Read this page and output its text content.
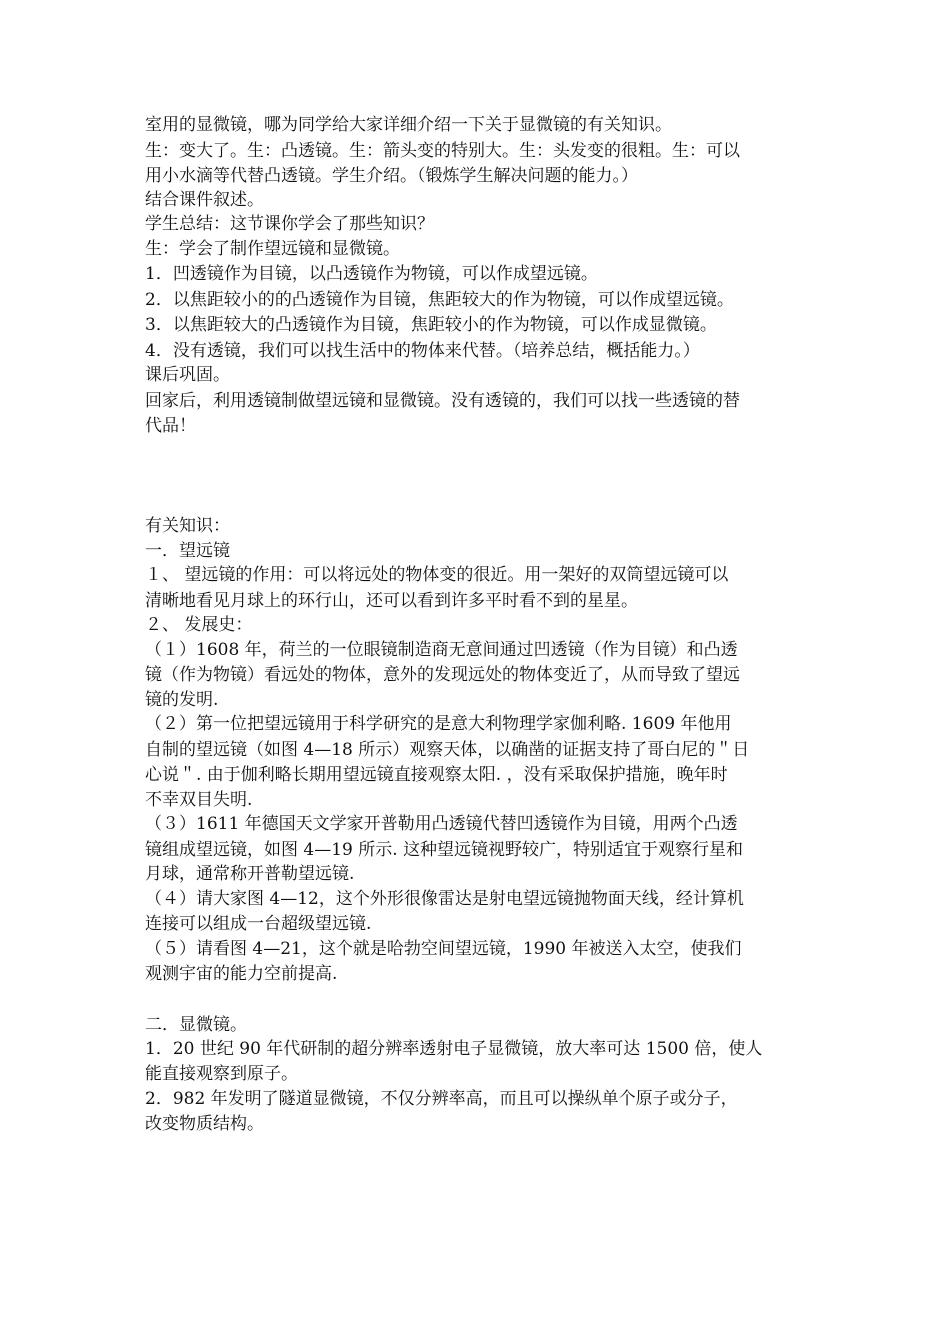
室用的显微镜，哪为同学给大家详细介绍一下关于显微镜的有关知识。

生：变大了。生：凸透镜。生：箭头变的特别大。生：头发变的很粗。生：可以

用小水滴等代替凸透镜。学生介绍。（锻炼学生解决问题的能力。）

结合课件叙述。

学生总结：这节课你学会了那些知识？

生：学会了制作望远镜和显微镜。

1．凹透镜作为目镜，以凸透镜作为物镜，可以作成望远镜。

2．以焦距较小的的凸透镜作为目镜，焦距较大的作为物镜，可以作成望远镜。

3．以焦距较大的凸透镜作为目镜，焦距较小的作为物镜，可以作成显微镜。

4．没有透镜，我们可以找生活中的物体来代替。（培养总结，概括能力。）

课后巩固。

回家后，利用透镜制做望远镜和显微镜。没有透镜的，我们可以找一些透镜的替

代品！

有关知识：

一．望远镜

１、 望远镜的作用：可以将远处的物体变的很近。用一架好的双筒望远镜可以

清晰地看见月球上的环行山，还可以看到许多平时看不到的星星。

２、 发展史：

（１）1608 年，荷兰的一位眼镜制造商无意间通过凹透镜（作为目镜）和凸透

镜（作为物镜）看远处的物体，意外的发现远处的物体变近了，从而导致了望远

镜的发明.

（２）第一位把望远镜用于科学研究的是意大利物理学家伽利略. 1609 年他用

自制的望远镜（如图 4—18 所示）观察天体，以确凿的证据支持了哥白尼的＂日

心说＂. 由于伽利略长期用望远镜直接观察太阳. ，没有采取保护措施，晚年时

不幸双目失明.

（３）1611 年德国天文学家开普勒用凸透镜代替凹透镜作为目镜，用两个凸透

镜组成望远镜，如图 4—19 所示. 这种望远镜视野较广，特别适宜于观察行星和

月球，通常称开普勒望远镜.

（４）请大家图 4—12，这个外形很像雷达是射电望远镜抛物面天线，经计算机

连接可以组成一台超级望远镜.

（５）请看图 4—21，这个就是哈勃空间望远镜，1990 年被送入太空，使我们

观测宇宙的能力空前提高.

二．显微镜。

1．20 世纪 90 年代研制的超分辨率透射电子显微镜，放大率可达 1500 倍，使人

能直接观察到原子。

2．982 年发明了隧道显微镜，不仅分辨率高，而且可以操纵单个原子或分子，

改变物质结构。
